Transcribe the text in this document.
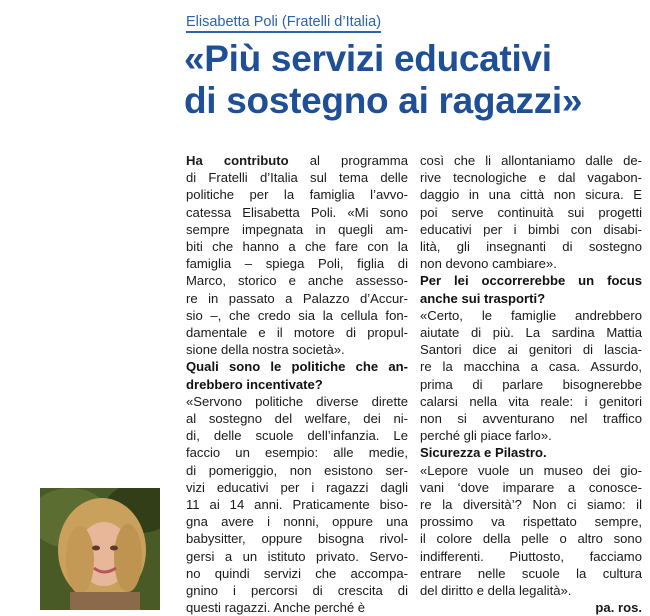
Elisabetta Poli (Fratelli d’Italia)
«Più servizi educativi
di sostegno ai ragazzi»
Ha contributo al programma
di Fratelli d’Italia sul tema delle
politiche per la famiglia l’avvo-
catessa Elisabetta Poli. «Mi sono
sempre impegnata in quegli am-
biti che hanno a che fare con la
famiglia – spiega Poli, figlia di
Marco, storico e anche assesso-
re in passato a Palazzo d’Accur-
sio –, che credo sia la cellula fon-
damentale e il motore di propul-
sione della nostra società».
Quali sono le politiche che an-
drebbero incentivate?
«Servono politiche diverse dirette
al sostegno del welfare, dei ni-
di, delle scuole dell’infanzia. Le
faccio un esempio: alle medie,
di pomeriggio, non esistono ser-
vizi educativi per i ragazzi dagli
11 ai 14 anni. Praticamente biso-
gna avere i nonni, oppure una
babysitter, oppure bisogna rivol-
gersi a un istituto privato. Servo-
no quindi servizi che accompa-
gnino i percorsi di crescita di
questi ragazzi. Anche perché è
così che li allontaniamo dalle de-
rive tecnologiche e dal vagabon-
daggio in una città non sicura. E
poi serve continuità sui progetti
educativi per i bimbi con disabi-
lità, gli insegnanti di sostegno
non devono cambiare».
Per lei occorrerebbe un focus
anche sui trasporti?
«Certo, le famiglie andrebbero
aiutate di più. La sardina Mattia
Santori dice ai genitori di lascia-
re la macchina a casa. Assurdo,
prima di parlare bisognerebbe
calarsi nella vita reale: i genitori
non si avventurano nel traffico
perché gli piace farlo».
Sicurezza e Pilastro.
«Lepore vuole un museo dei gio-
vani ‘dove imparare a conosce-
re la diversità’? Non ci siamo: il
prossimo va rispettato sempre,
il colore della pelle o altro sono
indifferenti. Piuttosto, facciamo
entrare nelle scuole la cultura
del diritto e della legalità».
pa. ros.
